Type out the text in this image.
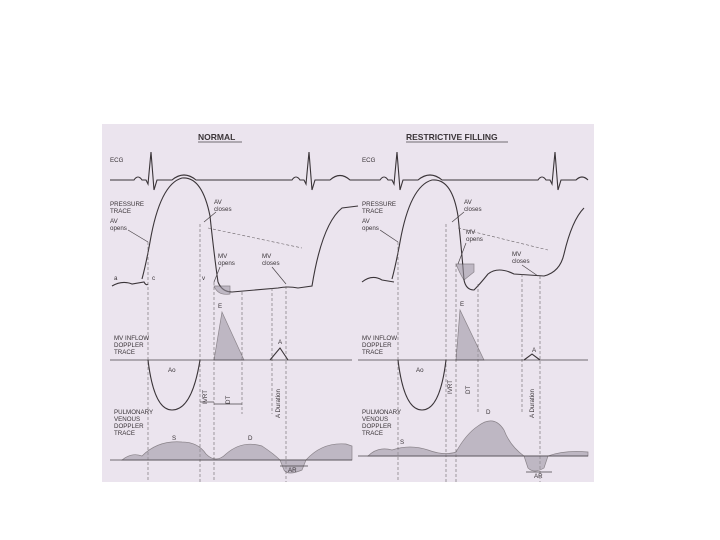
NORMAL
ECG
PRESSURE
TRACE
AV
closes
AV
opens
a	c	v
MV
opens
MV
closes
MV INFLOW
DOPPLER
TRACE
E
A
Ao
IVRT	DT	A Duration
PULMONARY
VENOUS
DOPPLER
TRACE
S	D
AR
RESTRICTIVE FILLING
ECG
PRESSURE
TRACE
AV
closes
AV
opens
MV
opens
MV
closes
MV INFLOW
DOPPLER
TRACE
E
A
Ao
IVRT DT	A Duration
PULMONARY
VENOUS
DOPPLER
TRACE
S
D
AR
